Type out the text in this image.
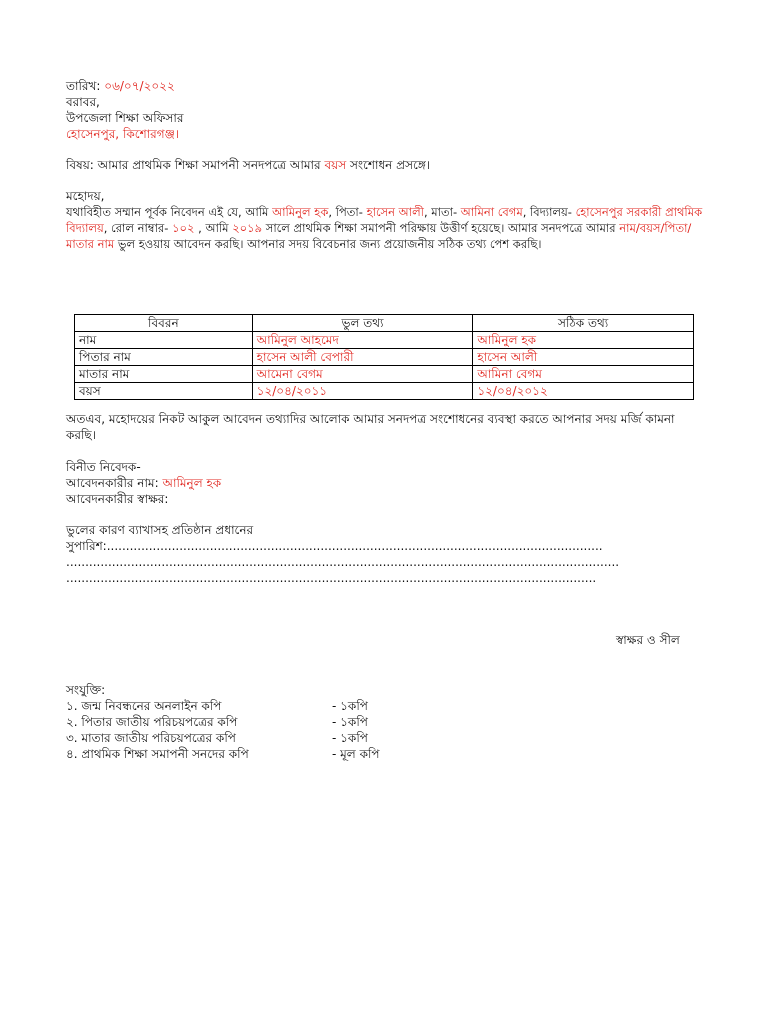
তারিখ: ০৬/০৭/২০২২
বরাবর,
উপজেলা শিক্ষা অফিসার
হোসেনপুর, কিশোরগঞ্জ।
বিষয়: আমার প্রাথমিক শিক্ষা সমাপনী সনদপত্রে আমার বয়স সংশোধন প্রসঙ্গে।
মহোদয়,
যথাবিহীত সম্মান পূর্বক নিবেদন এই যে, আমি আমিনুল হক, পিতা- হাসেন আলী, মাতা- আমিনা বেগম, বিদ্যালয়- হোসেনপুর সরকারী প্রাথমিক বিদ্যালয়, রোল নাম্বার- ১০২ , আমি ২০১৯ সালে প্রাথমিক শিক্ষা সমাপনী পরিক্ষায় উত্তীর্ণ হয়েছে। আমার সনদপত্রে আমার নাম/বয়স/পিতা/মাতার নাম ভুল হওয়ায় আবেদন করছি। আপনার সদয় বিবেচনার জন্য প্রয়োজনীয় সঠিক তথ্য পেশ করছি।
বিবরন	ভুল তথ্য	সঠিক তথ্য
নাম	আমিনুল আহমেদ	আমিনুল হক
পিতার নাম	হাসেন আলী বেপারী	হাসেন আলী
মাতার নাম	আমেনা বেগম	আমিনা বেগম
বয়স	১২/০৪/২০১১	১২/০৪/২০১২
অতএব, মহোদয়ের নিকট আকুল আবেদন তথ্যাদির আলোক আমার সনদপত্র সংশোধনের ব্যবস্থা করতে আপনার সদয় মর্জি কামনা করছি।
বিনীত নিবেদক-
আবেদনকারীর নাম: আমিনুল হক
আবেদনকারীর স্বাক্ষর:
ভুলের কারণ ব্যাখাসহ প্রতিষ্ঠান প্রধানের
সুপারিশ:..................................................................................................................................
.................................................................................................................................................
...........................................................................................................................................
স্বাক্ষর ও সীল
সংযুক্তি:
১. জন্ম নিবন্ধনের অনলাইন কপি	- ১কপি
২. পিতার জাতীয় পরিচয়পত্রের কপি	- ১কপি
৩. মাতার জাতীয় পরিচয়পত্রের কপি	- ১কপি
৪. প্রাথমিক শিক্ষা সমাপনী সনদের কপি	- মূল কপি
